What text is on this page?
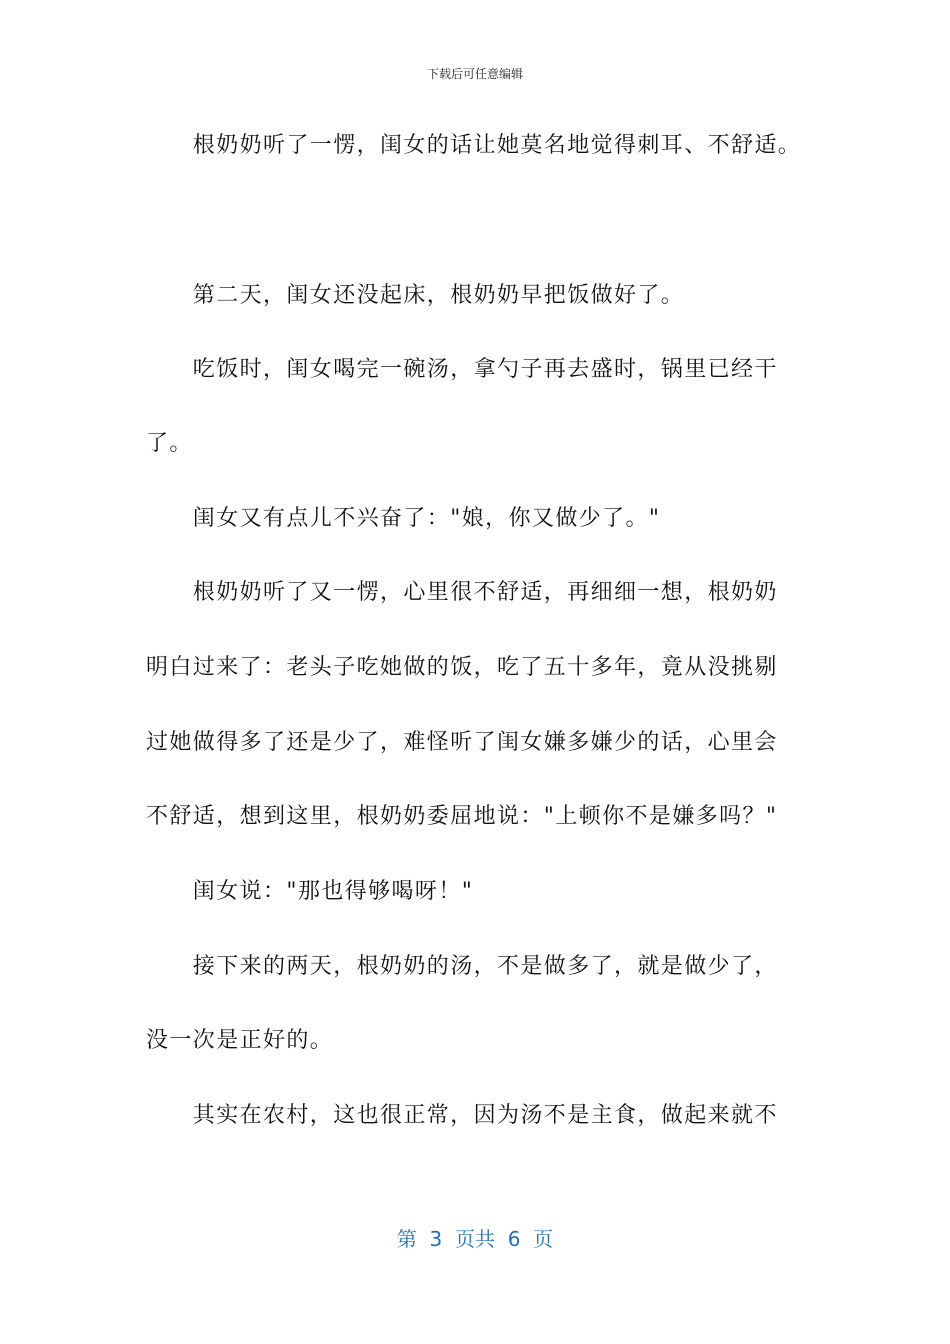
下载后可任意编辑
　　根奶奶听了一愣，闺女的话让她莫名地觉得刺耳、不舒适。
　　第二天，闺女还没起床，根奶奶早把饭做好了。
　　吃饭时，闺女喝完一碗汤，拿勺子再去盛时，锅里已经干
了。
　　闺女又有点儿不兴奋了："娘，你又做少了。"
　　根奶奶听了又一愣，心里很不舒适，再细细一想，根奶奶
明白过来了：老头子吃她做的饭，吃了五十多年，竟从没挑剔
过她做得多了还是少了，难怪听了闺女嫌多嫌少的话，心里会
不舒适，想到这里，根奶奶委屈地说："上顿你不是嫌多吗？"
　　闺女说："那也得够喝呀！"
　　接下来的两天，根奶奶的汤，不是做多了，就是做少了，
没一次是正好的。
　　其实在农村，这也很正常，因为汤不是主食，做起来就不
第  3  页共  6  页
